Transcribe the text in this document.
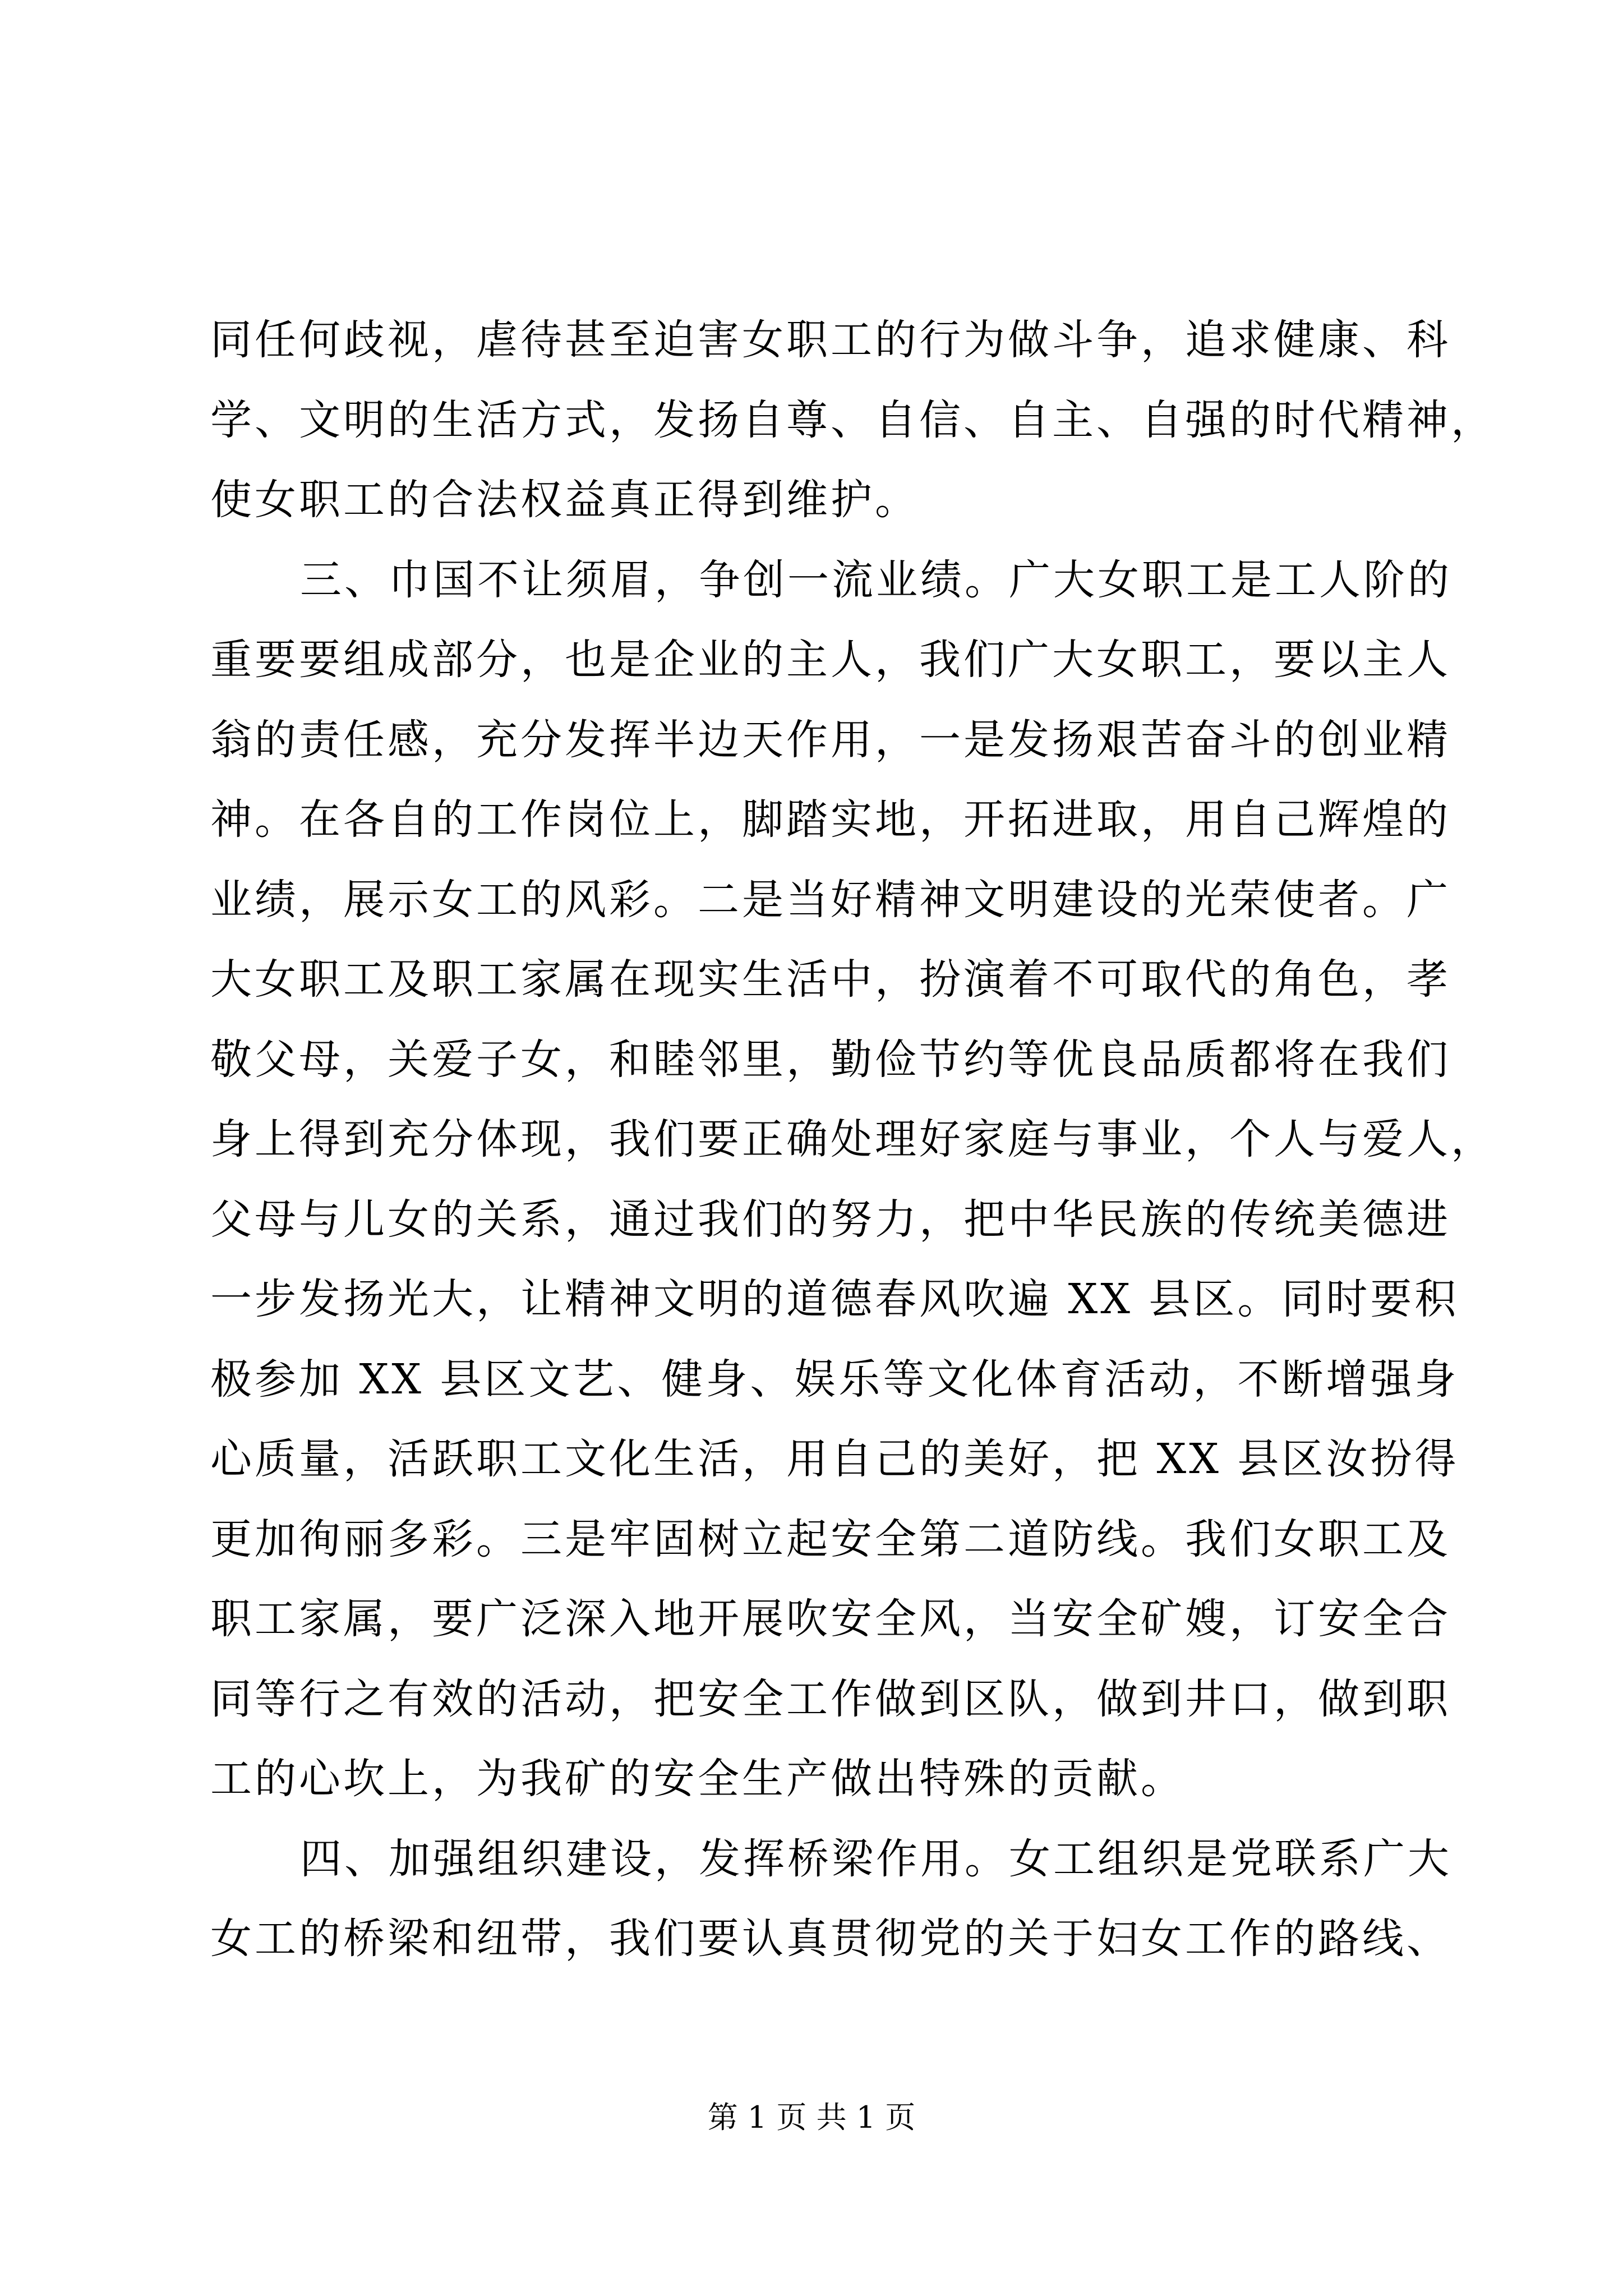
同任何歧视，虐待甚至迫害女职工的行为做斗争，追求健康、科
学、文明的生活方式，发扬自尊、自信、自主、自强的时代精神，
使女职工的合法权益真正得到维护。
三、巾国不让须眉，争创一流业绩。广大女职工是工人阶的
重要要组成部分，也是企业的主人，我们广大女职工，要以主人
翁的责任感，充分发挥半边天作用，一是发扬艰苦奋斗的创业精
神。在各自的工作岗位上，脚踏实地，开拓进取，用自己辉煌的
业绩，展示女工的风彩。二是当好精神文明建设的光荣使者。广
大女职工及职工家属在现实生活中，扮演着不可取代的角色，孝
敬父母，关爱子女，和睦邻里，勤俭节约等优良品质都将在我们
身上得到充分体现，我们要正确处理好家庭与事业，个人与爱人，
父母与儿女的关系，通过我们的努力，把中华民族的传统美德进
一步发扬光大，让精神文明的道德春风吹遍 XX 县区。同时要积
极参加 XX 县区文艺、健身、娱乐等文化体育活动，不断增强身
心质量，活跃职工文化生活，用自己的美好，把 XX 县区汝扮得
更加徇丽多彩。三是牢固树立起安全第二道防线。我们女职工及
职工家属，要广泛深入地开展吹安全风，当安全矿嫂，订安全合
同等行之有效的活动，把安全工作做到区队，做到井口，做到职
工的心坎上，为我矿的安全生产做出特殊的贡献。
四、加强组织建设，发挥桥梁作用。女工组织是党联系广大
女工的桥梁和纽带，我们要认真贯彻党的关于妇女工作的路线、
第 1 页 共 1 页
